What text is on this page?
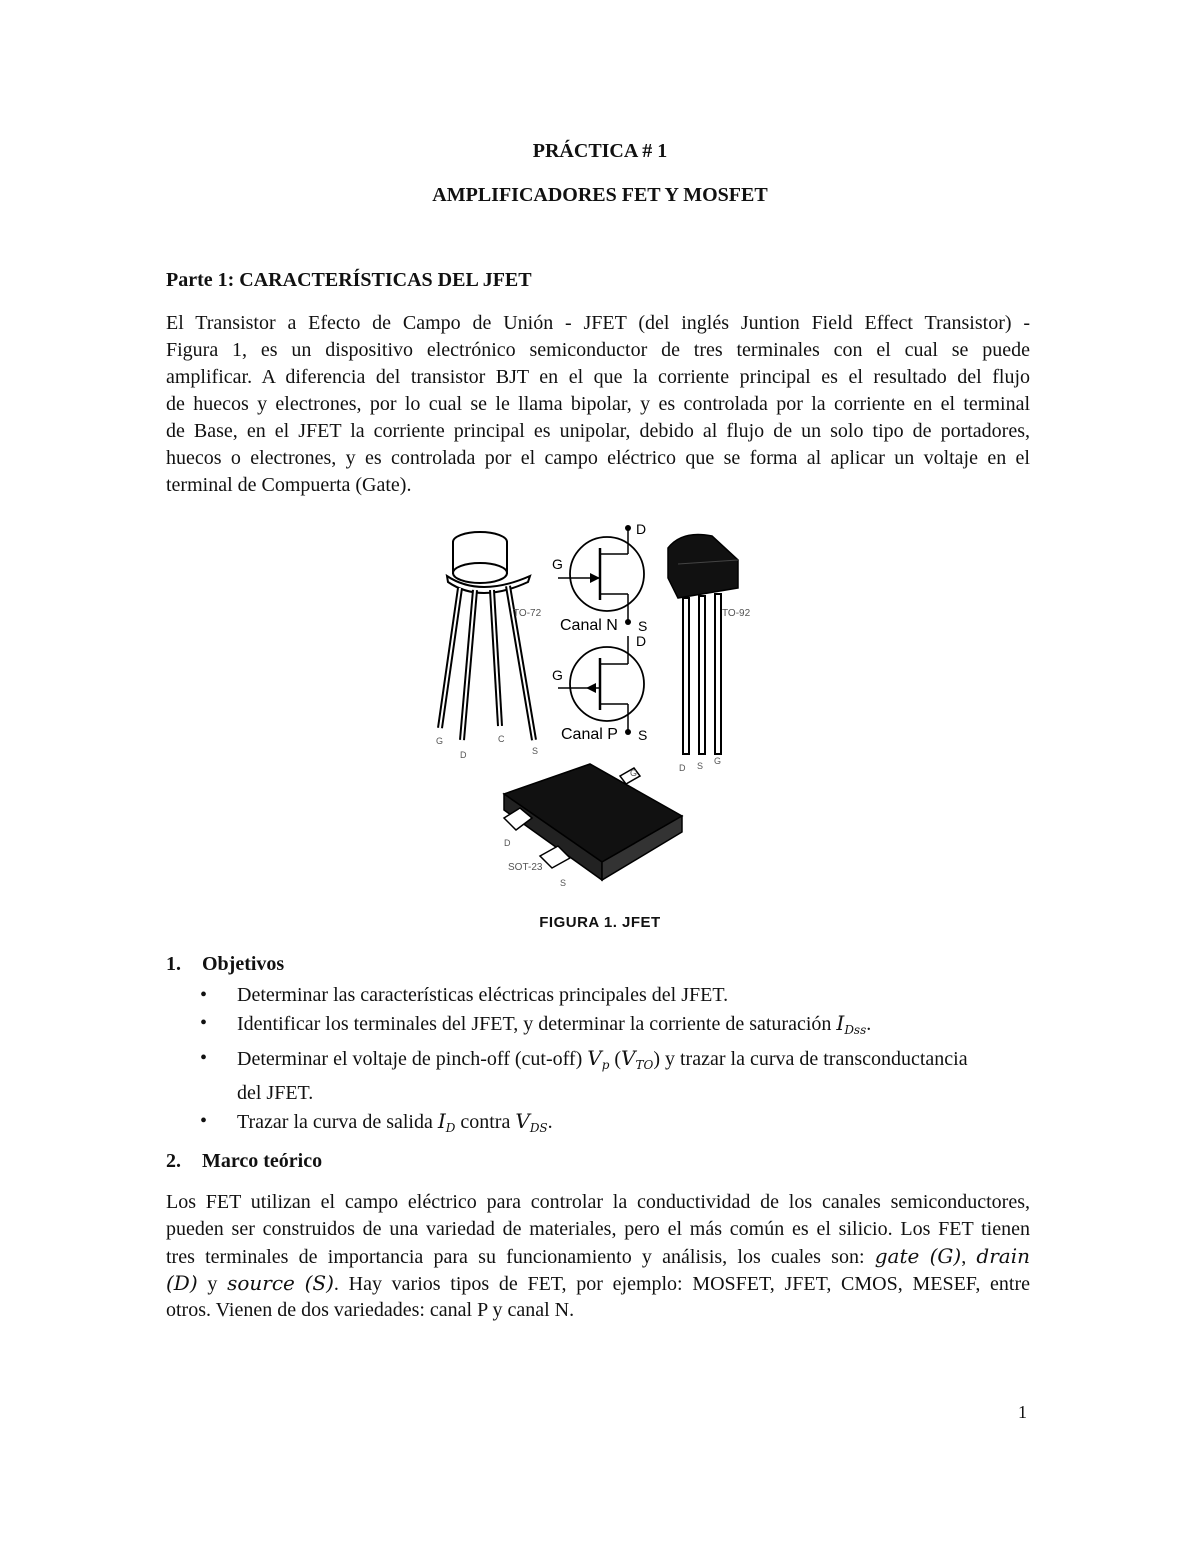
PRÁCTICA # 1
AMPLIFICADORES FET Y MOSFET
Parte 1: CARACTERÍSTICAS DEL JFET
El Transistor a Efecto de Campo de Unión - JFET (del inglés Juntion Field Effect Transistor) -
Figura 1, es un dispositivo electrónico semiconductor de tres terminales con el cual se puede
amplificar. A diferencia del transistor BJT en el que la corriente principal es el resultado del flujo
de huecos y electrones, por lo cual se le llama bipolar, y es controlada por la corriente en el terminal
de Base, en el JFET la corriente principal es unipolar, debido al flujo de un solo tipo de portadores,
huecos o electrones, y es controlada por el campo eléctrico que se forma al aplicar un voltaje en el
terminal de Compuerta (Gate).
TO-72
G
D
C
S
D
G
Canal N S
D
G
Canal P S
TO-92
D S G
G
D
S
SOT-23
FIGURA 1. JFET
1. Objetivos
• Determinar las características eléctricas principales del JFET.
• Identificar los terminales del JFET, y determinar la corriente de saturación $I_{Dss}$.
• Determinar el voltaje de pinch-off (cut-off) $V_p$ $(V_{TO})$ y trazar la curva de transconductancia
del JFET.
• Trazar la curva de salida $I_D$ contra $V_{DS}$.
2. Marco teórico
Los FET utilizan el campo eléctrico para controlar la conductividad de los canales semiconductores,
pueden ser construidos de una variedad de materiales, pero el más común es el silicio. Los FET tienen
tres terminales de importancia para su funcionamiento y análisis, los cuales son: gate (G), drain
(D) y source (S). Hay varios tipos de FET, por ejemplo: MOSFET, JFET, CMOS, MESEF, entre
otros. Vienen de dos variedades: canal P y canal N.
1
